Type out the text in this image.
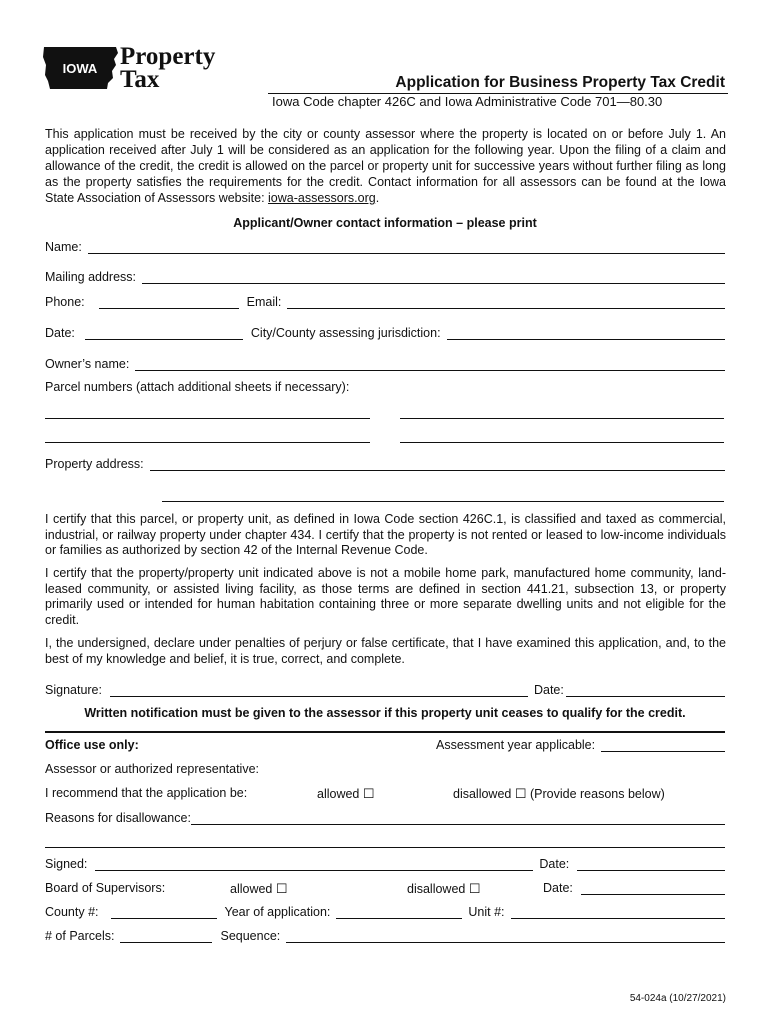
IOWA Property
Tax	Application for Business Property Tax Credit
Iowa Code chapter 426C and Iowa Administrative Code 701—80.30
This application must be received by the city or county assessor where the property is located on or before July 1. An application received after July 1 will be considered as an application for the following year. Upon the filing of a claim and allowance of the credit, the credit is allowed on the parcel or property unit for successive years without further filing as long as the property satisfies the requirements for the credit. Contact information for all assessors can be found at the Iowa State Association of Assessors website: iowa-assessors.org.
Applicant/Owner contact information – please print
Name:
Mailing address:
Phone:	Email:
Date:	City/County assessing jurisdiction:
Owner’s name:
Parcel numbers (attach additional sheets if necessary):
Property address:
I certify that this parcel, or property unit, as defined in Iowa Code section 426C.1, is classified and taxed as commercial, industrial, or railway property under chapter 434. I certify that the property is not rented or leased to low-income individuals or families as authorized by section 42 of the Internal Revenue Code.
I certify that the property/property unit indicated above is not a mobile home park, manufactured home community, land-leased community, or assisted living facility, as those terms are defined in section 441.21, subsection 13, or property primarily used or intended for human habitation containing three or more separate dwelling units and not eligible for the credit.
I, the undersigned, declare under penalties of perjury or false certificate, that I have examined this application, and, to the best of my knowledge and belief, it is true, correct, and complete.
Signature:	Date:
Written notification must be given to the assessor if this property unit ceases to qualify for the credit.
Office use only:	Assessment year applicable:
Assessor or authorized representative:
I recommend that the application be:	allowed ☐	disallowed ☐ (Provide reasons below)
Reasons for disallowance:
Signed:	Date:
Board of Supervisors:	allowed ☐	disallowed ☐	Date:
County #:	Year of application:	Unit #:
# of Parcels:	Sequence:
54-024a (10/27/2021)
